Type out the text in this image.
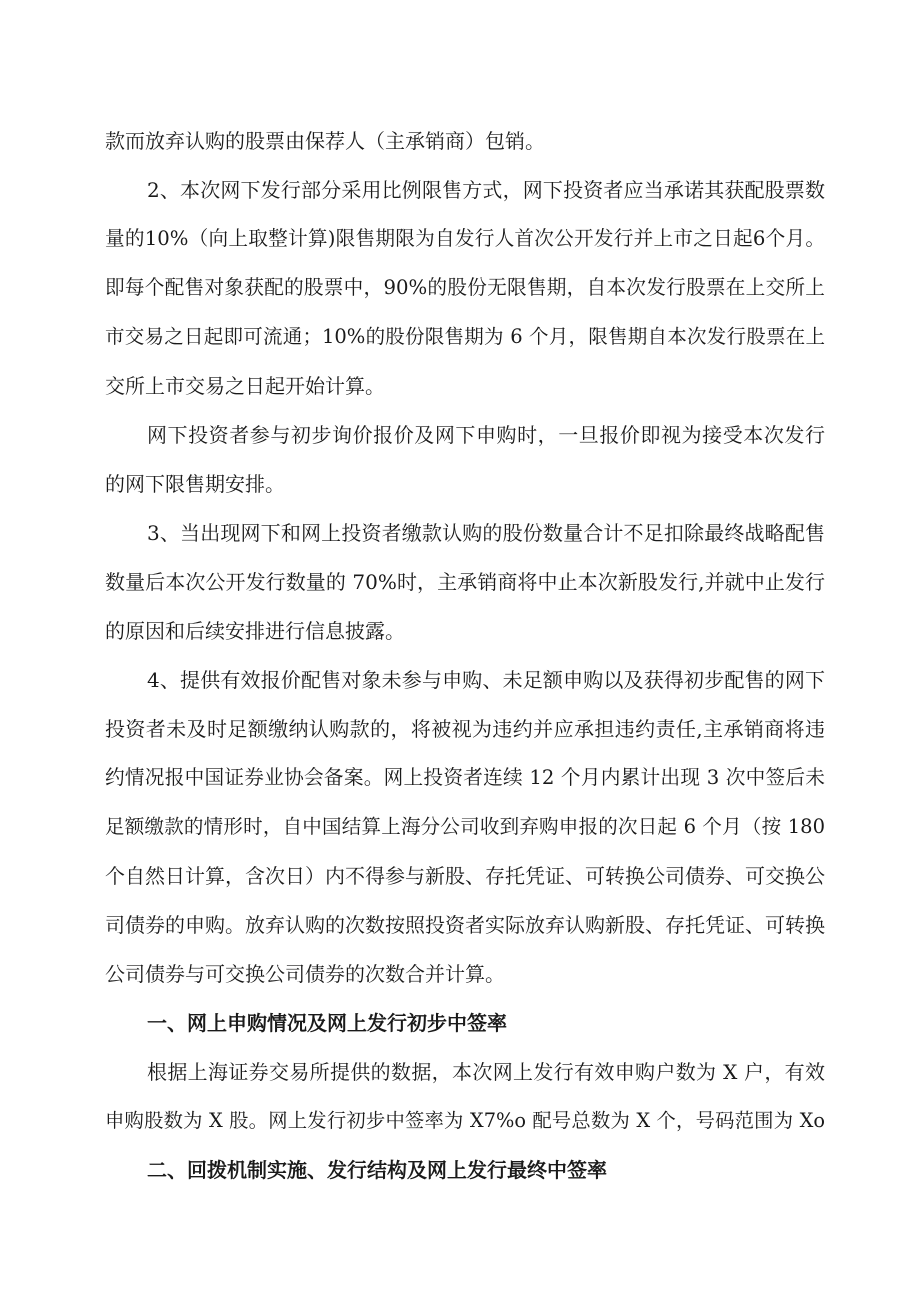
款而放弃认购的股票由保荐人（主承销商）包销。
2、本次网下发行部分采用比例限售方式，网下投资者应当承诺其获配股票数
量的10%（向上取整计算)限售期限为自发行人首次公开发行并上市之日起6个月。
即每个配售对象获配的股票中，90%的股份无限售期，自本次发行股票在上交所上
市交易之日起即可流通；10%的股份限售期为 6 个月，限售期自本次发行股票在上
交所上市交易之日起开始计算。
网下投资者参与初步询价报价及网下申购时，一旦报价即视为接受本次发行
的网下限售期安排。
3、当出现网下和网上投资者缴款认购的股份数量合计不足扣除最终战略配售
数量后本次公开发行数量的 70%时，主承销商将中止本次新股发行,并就中止发行
的原因和后续安排进行信息披露。
4、提供有效报价配售对象未参与申购、未足额申购以及获得初步配售的网下
投资者未及时足额缴纳认购款的，将被视为违约并应承担违约责任,主承销商将违
约情况报中国证券业协会备案。网上投资者连续 12 个月内累计出现 3 次中签后未
足额缴款的情形时，自中国结算上海分公司收到弃购申报的次日起 6 个月（按 180
个自然日计算，含次日）内不得参与新股、存托凭证、可转换公司债券、可交换公
司债券的申购。放弃认购的次数按照投资者实际放弃认购新股、存托凭证、可转换
公司债券与可交换公司债券的次数合并计算。
一、网上申购情况及网上发行初步中签率
根据上海证券交易所提供的数据，本次网上发行有效申购户数为 X 户，有效
申购股数为 X 股。网上发行初步中签率为 X7%o 配号总数为 X 个，号码范围为 Xo
二、回拨机制实施、发行结构及网上发行最终中签率
